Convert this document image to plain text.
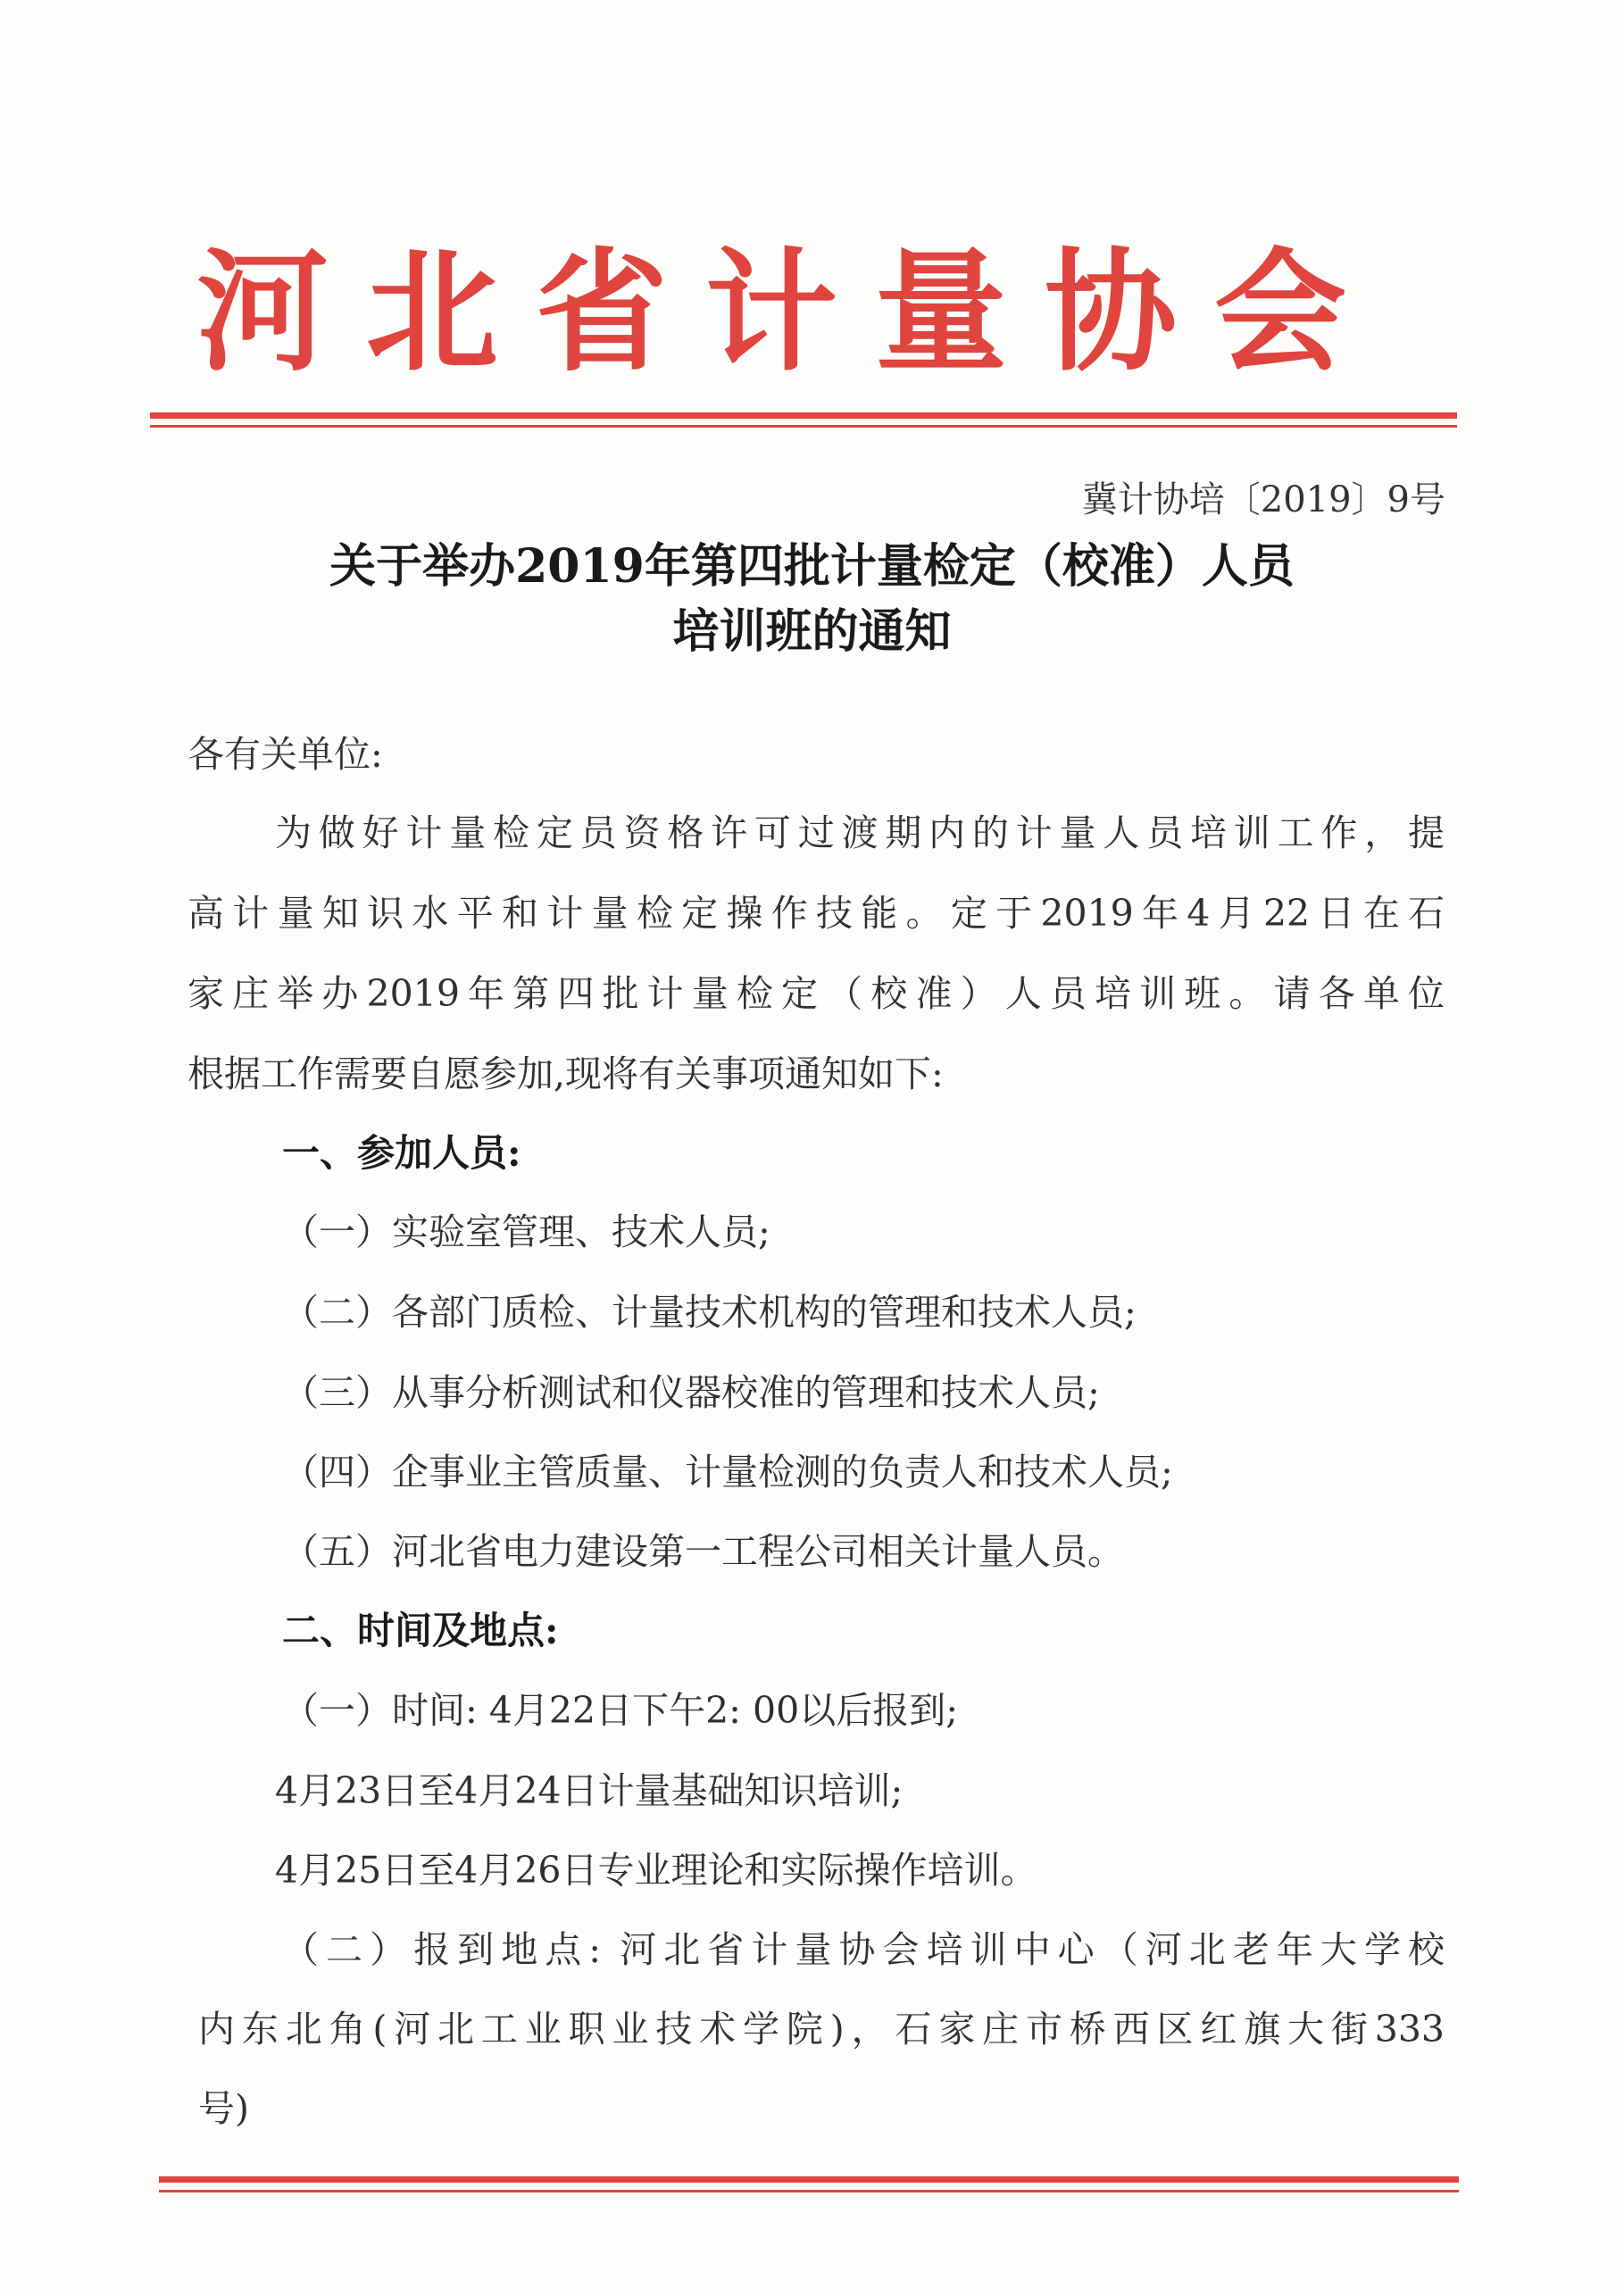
河北省计量协会
冀计协培〔2019〕9号
关于举办2019年第四批计量检定（校准）人员
培训班的通知
各有关单位:
为做好计量检定员资格许可过渡期内的计量人员培训工作，提
高计量知识水平和计量检定操作技能。定于2019年4月22日在石
家庄举办2019年第四批计量检定（校准）人员培训班。请各单位
根据工作需要自愿参加,现将有关事项通知如下:
一、参加人员:
（一）实验室管理、技术人员;
（二）各部门质检、计量技术机构的管理和技术人员;
（三）从事分析测试和仪器校准的管理和技术人员;
（四）企事业主管质量、计量检测的负责人和技术人员;
（五）河北省电力建设第一工程公司相关计量人员。
二、时间及地点:
（一）时间: 4月22日下午2: 00以后报到;
4月23日至4月24日计量基础知识培训;
4月25日至4月26日专业理论和实际操作培训。
（二）报到地点: 河北省计量协会培训中心（河北老年大学校
内东北角(河北工业职业技术学院)，石家庄市桥西区红旗大街333
号)
